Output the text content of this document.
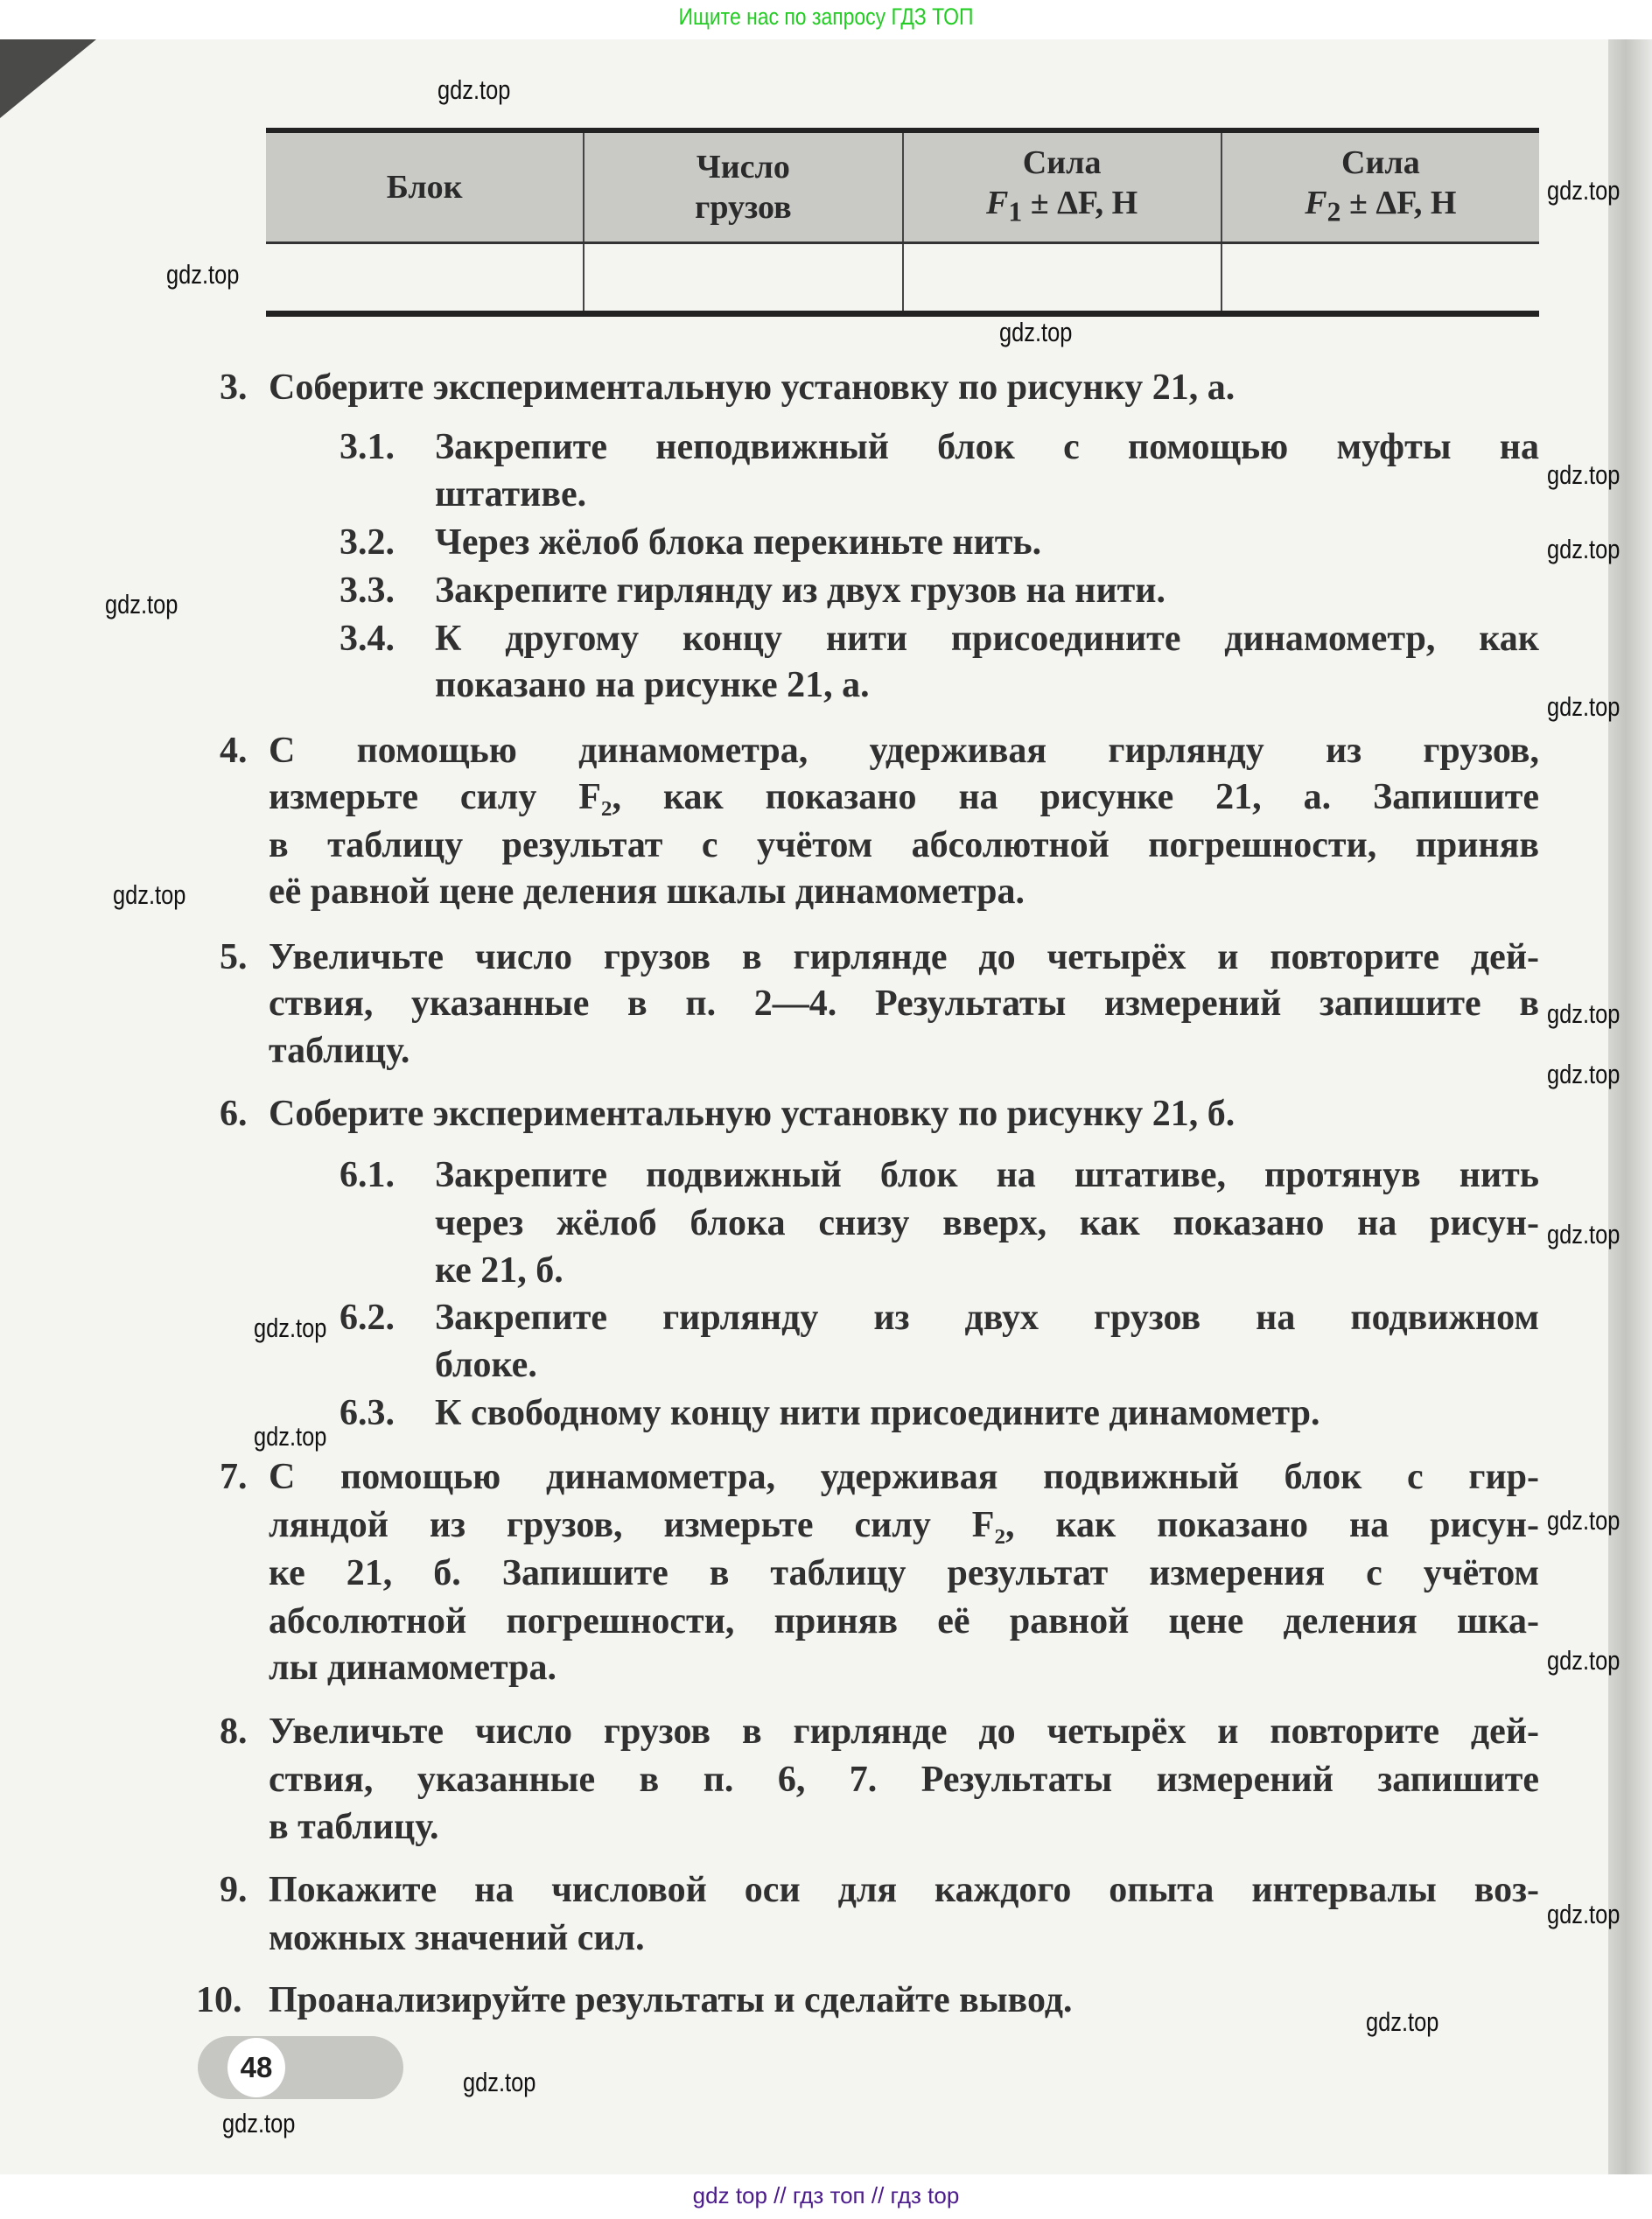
Ищите нас по запросу ГДЗ ТОП
Блок
Число
грузов
Сила
$F_1 \pm \Delta F$, Н
Сила
$F_2 \pm \Delta F$, Н
3. Соберите экспериментальную установку по рисунку 21, а.
3.1. Закрепите неподвижный блок с помощью муфты на
штативе.
3.2. Через жёлоб блока перекиньте нить.
3.3. Закрепите гирлянду из двух грузов на нити.
3.4. К другому концу нити присоедините динамометр, как
показано на рисунке 21, а.
4. С помощью динамометра, удерживая гирлянду из грузов,
измерьте силу F₂, как показано на рисунке 21, а. Запишите
в таблицу результат с учётом абсолютной погрешности, приняв
её равной цене деления шкалы динамометра.
5. Увеличьте число грузов в гирлянде до четырёх и повторите дей-
ствия, указанные в п. 2—4. Результаты измерений запишите в
таблицу.
6. Соберите экспериментальную установку по рисунку 21, б.
6.1. Закрепите подвижный блок на штативе, протянув нить
через жёлоб блока снизу вверх, как показано на рисун-
ке 21, б.
6.2. Закрепите гирлянду из двух грузов на подвижном
блоке.
6.3. К свободному концу нити присоедините динамометр.
7. С помощью динамометра, удерживая подвижный блок с гир-
ляндой из грузов, измерьте силу F₂, как показано на рисун-
ке 21, б. Запишите в таблицу результат измерения с учётом
абсолютной погрешности, приняв её равной цене деления шка-
лы динамометра.
8. Увеличьте число грузов в гирлянде до четырёх и повторите дей-
ствия, указанные в п. 6, 7. Результаты измерений запишите
в таблицу.
9. Покажите на числовой оси для каждого опыта интервалы воз-
можных значений сил.
10. Проанализируйте результаты и сделайте вывод.
gdz.top
gdz.top
gdz.top
gdz.top
gdz.top
gdz.top
gdz.top
gdz.top
gdz.top
gdz.top
gdz.top
gdz.top
gdz.top
gdz.top
gdz.top
gdz.top
gdz.top
gdz.top
gdz.top
gdz.top
48
gdz top // гдз топ // гдз top
